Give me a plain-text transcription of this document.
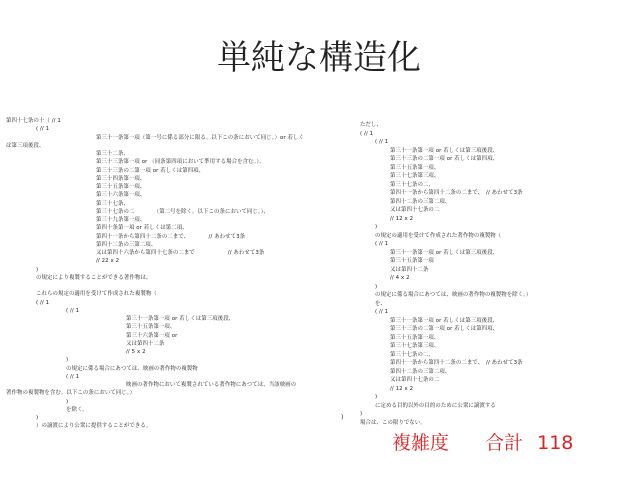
単純な構造化
第四十七条の十（ // 1
( // 1
第三十一条第一項（第一号に係る部分に限る。以下この条において同じ。）or 若しく
は第三項後段、
第三十二条、
第三十三条第一項 or （同条第四項において準用する場合を含む。）、
第三十三条の二第一項 or 若しくは第四項、
第三十四条第一項、
第三十五条第一項、
第三十六条第一項、
第三十七条、
第三十七条の二　　　　（第二号を除く。以下この条において同じ。）、
第三十九条第一項、
第四十条第一項 or 若しくは第二項、
第四十一条から第四十二条の二まで、　　　　// あわせて3条
第四十二条の三第二項、
又は第四十六条から第四十七条の二まで　　　　　　// あわせて3条
// 22 x 2
)
の規定により複製することができる著作物は、
これらの規定の適用を受けて作成された複製物（
( // 1
( // 1
第三十一条第一項 or 若しくは第三項後段、
第三十五条第一項、
第三十六条第一項 or
又は第四十二条
// 5 x 2
)
の規定に係る場合にあつては、映画の著作物の複製物
( // 1
映画の著作物において複製されている著作物にあつては、当該映画の
著作物の複製物を含む。以下この条において同じ。）
)
を除く。
)
）の譲渡により公衆に提供することができる。
ただし、
( // 1
( // 1
第三十一条第一項 or 若しくは第三項後段、
第三十三条の二第一項 or 若しくは第四項、
第三十五条第一項、
第三十七条第三項、
第三十七条の二、
第四十一条から第四十二条の二まで、　// あわせて3条
第四十二条の三第二項、
又は第四十七条の二
// 12 x 2
)
の規定の適用を受けて作成された著作物の複製物（
( // 1
第三十一条第一項 or 若しくは第三項後段、
第三十五条第一項
又は第四十二条
// 4 x 2
)
の規定に係る場合にあつては、映画の著作物の複製物を除く。）
を、
( // 1
第三十一条第一項 or 若しくは第三項後段、
第三十三条の二第一項 or 若しくは第四項、
第三十五条第一項、
第三十七条第三項、
第三十七条の二、
第四十一条から第四十二条の二まで、　// あわせて3条
第四十二条の三第二項、
又は第四十七条の二
// 12 x 2
)
に定める目的以外の目的のために公衆に譲渡する
)
場合は、この限りでない。
)
複雑度 合計 118
